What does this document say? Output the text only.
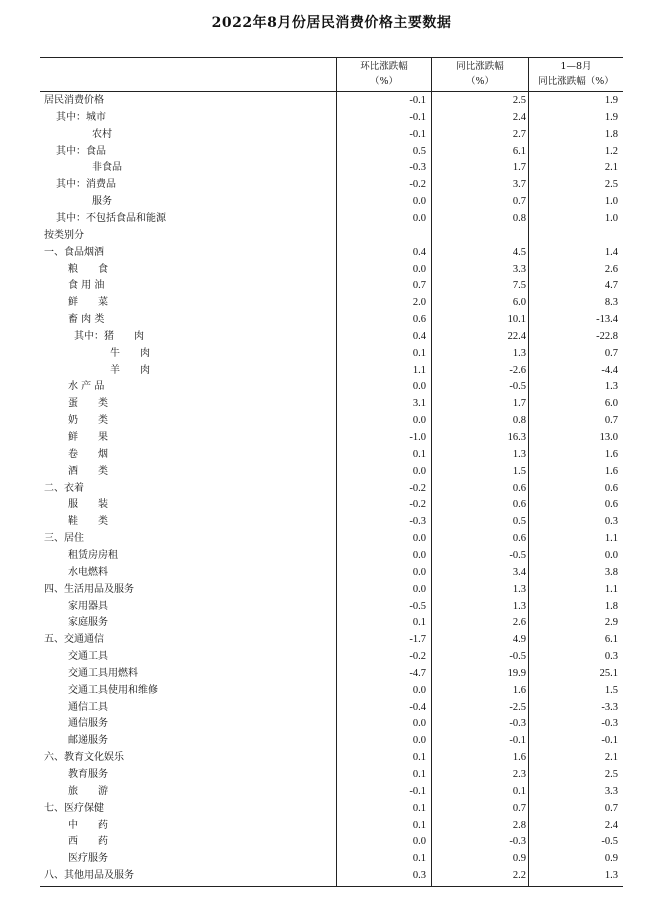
2022年8月份居民消费价格主要数据
环比涨跌幅
（%）
同比涨跌幅
（%）
1—8月
同比涨跌幅（%）
居民消费价格	-0.1	2.5	1.9
其中：城市	-0.1	2.4	1.9
农村	-0.1	2.7	1.8
其中：食品	0.5	6.1	1.2
非食品	-0.3	1.7	2.1
其中：消费品	-0.2	3.7	2.5
服务	0.0	0.7	1.0
其中：不包括食品和能源	0.0	0.8	1.0
按类别分
一、食品烟酒	0.4	4.5	1.4
粮　　食	0.0	3.3	2.6
食 用 油	0.7	7.5	4.7
鲜　　菜	2.0	6.0	8.3
畜 肉 类	0.6	10.1	-13.4
其中：猪　　肉	0.4	22.4	-22.8
牛　　肉	0.1	1.3	0.7
羊　　肉	1.1	-2.6	-4.4
水 产 品	0.0	-0.5	1.3
蛋　　类	3.1	1.7	6.0
奶　　类	0.0	0.8	0.7
鲜　　果	-1.0	16.3	13.0
卷　　烟	0.1	1.3	1.6
酒　　类	0.0	1.5	1.6
二、衣着	-0.2	0.6	0.6
服　　装	-0.2	0.6	0.6
鞋　　类	-0.3	0.5	0.3
三、居住	0.0	0.6	1.1
租赁房房租	0.0	-0.5	0.0
水电燃料	0.0	3.4	3.8
四、生活用品及服务	0.0	1.3	1.1
家用器具	-0.5	1.3	1.8
家庭服务	0.1	2.6	2.9
五、交通通信	-1.7	4.9	6.1
交通工具	-0.2	-0.5	0.3
交通工具用燃料	-4.7	19.9	25.1
交通工具使用和维修	0.0	1.6	1.5
通信工具	-0.4	-2.5	-3.3
通信服务	0.0	-0.3	-0.3
邮递服务	0.0	-0.1	-0.1
六、教育文化娱乐	0.1	1.6	2.1
教育服务	0.1	2.3	2.5
旅　　游	-0.1	0.1	3.3
七、医疗保健	0.1	0.7	0.7
中　　药	0.1	2.8	2.4
西　　药	0.0	-0.3	-0.5
医疗服务	0.1	0.9	0.9
八、其他用品及服务	0.3	2.2	1.3
